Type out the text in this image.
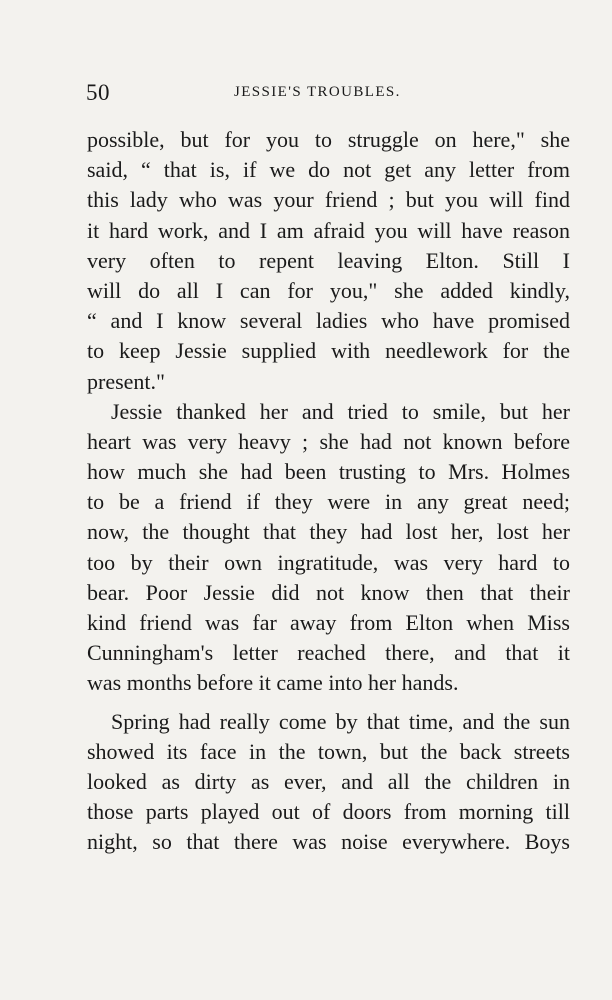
50	JESSIE'S TROUBLES.
possible, but for you to struggle on here," she
said, “ that is, if we do not get any letter from
this lady who was your friend ; but you will find
it hard work, and I am afraid you will have reason
very often to repent leaving Elton. Still I
will do all I can for you," she added kindly,
“ and I know several ladies who have promised
to keep Jessie supplied with needlework for the
present."
Jessie thanked her and tried to smile, but her
heart was very heavy ; she had not known before
how much she had been trusting to Mrs. Holmes
to be a friend if they were in any great need;
now, the thought that they had lost her, lost her
too by their own ingratitude, was very hard to
bear. Poor Jessie did not know then that their
kind friend was far away from Elton when Miss
Cunningham's letter reached there, and that it
was months before it came into her hands.
Spring had really come by that time, and the sun
showed its face in the town, but the back streets
looked as dirty as ever, and all the children in
those parts played out of doors from morning till
night, so that there was noise everywhere. Boys
